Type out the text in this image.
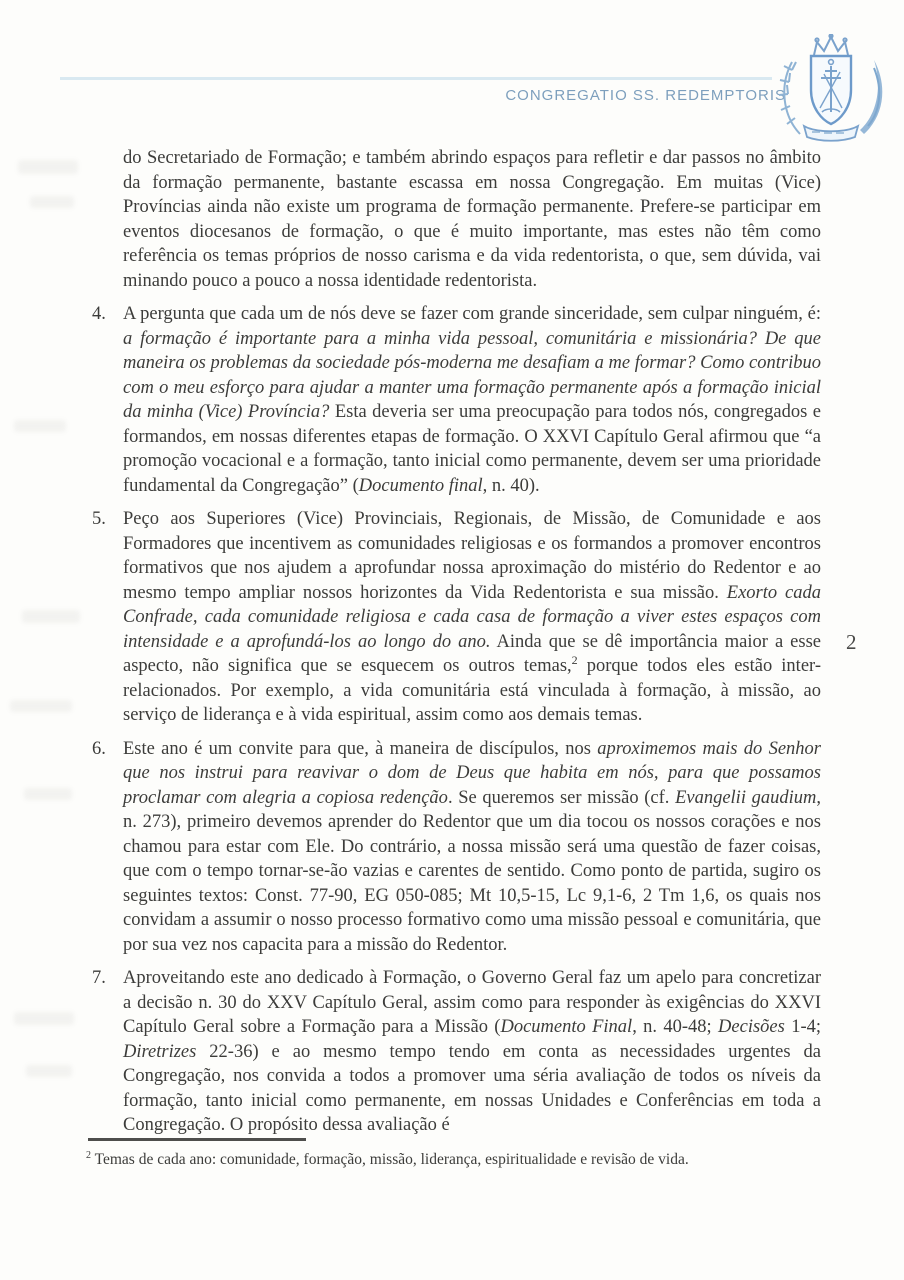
CONGREGATIO SS. REDEMPTORIS
do Secretariado de Formação; e também abrindo espaços para refletir e dar passos no âmbito da formação permanente, bastante escassa em nossa Congregação. Em muitas (Vice) Províncias ainda não existe um programa de formação permanente. Prefere-se participar em eventos diocesanos de formação, o que é muito importante, mas estes não têm como referência os temas próprios de nosso carisma e da vida redentorista, o que, sem dúvida, vai minando pouco a pouco a nossa identidade redentorista.
4. A pergunta que cada um de nós deve se fazer com grande sinceridade, sem culpar ninguém, é: a formação é importante para a minha vida pessoal, comunitária e missionária? De que maneira os problemas da sociedade pós-moderna me desafiam a me formar? Como contribuo com o meu esforço para ajudar a manter uma formação permanente após a formação inicial da minha (Vice) Província? Esta deveria ser uma preocupação para todos nós, congregados e formandos, em nossas diferentes etapas de formação. O XXVI Capítulo Geral afirmou que “a promoção vocacional e a formação, tanto inicial como permanente, devem ser uma prioridade fundamental da Congregação” (Documento final, n. 40).
5. Peço aos Superiores (Vice) Provinciais, Regionais, de Missão, de Comunidade e aos Formadores que incentivem as comunidades religiosas e os formandos a promover encontros formativos que nos ajudem a aprofundar nossa aproximação do mistério do Redentor e ao mesmo tempo ampliar nossos horizontes da Vida Redentorista e sua missão. Exorto cada Confrade, cada comunidade religiosa e cada casa de formação a viver estes espaços com intensidade e a aprofundá-los ao longo do ano. Ainda que se dê importância maior a esse aspecto, não significa que se esquecem os outros temas,$^2$ porque todos eles estão inter-relacionados. Por exemplo, a vida comunitária está vinculada à formação, à missão, ao serviço de liderança e à vida espiritual, assim como aos demais temas.
6. Este ano é um convite para que, à maneira de discípulos, nos aproximemos mais do Senhor que nos instrui para reavivar o dom de Deus que habita em nós, para que possamos proclamar com alegria a copiosa redenção. Se queremos ser missão (cf. Evangelii gaudium, n. 273), primeiro devemos aprender do Redentor que um dia tocou os nossos corações e nos chamou para estar com Ele. Do contrário, a nossa missão será uma questão de fazer coisas, que com o tempo tornar-se-ão vazias e carentes de sentido. Como ponto de partida, sugiro os seguintes textos: Const. 77-90, EG 050-085; Mt 10,5-15, Lc 9,1-6, 2 Tm 1,6, os quais nos convidam a assumir o nosso processo formativo como uma missão pessoal e comunitária, que por sua vez nos capacita para a missão do Redentor.
7. Aproveitando este ano dedicado à Formação, o Governo Geral faz um apelo para concretizar a decisão n. 30 do XXV Capítulo Geral, assim como para responder às exigências do XXVI Capítulo Geral sobre a Formação para a Missão (Documento Final, n. 40-48; Decisões 1-4; Diretrizes 22-36) e ao mesmo tempo tendo em conta as necessidades urgentes da Congregação, nos convida a todos a promover uma séria avaliação de todos os níveis da formação, tanto inicial como permanente, em nossas Unidades e Conferências em toda a Congregação. O propósito dessa avaliação é
2
$^2$ Temas de cada ano: comunidade, formação, missão, liderança, espiritualidade e revisão de vida.
